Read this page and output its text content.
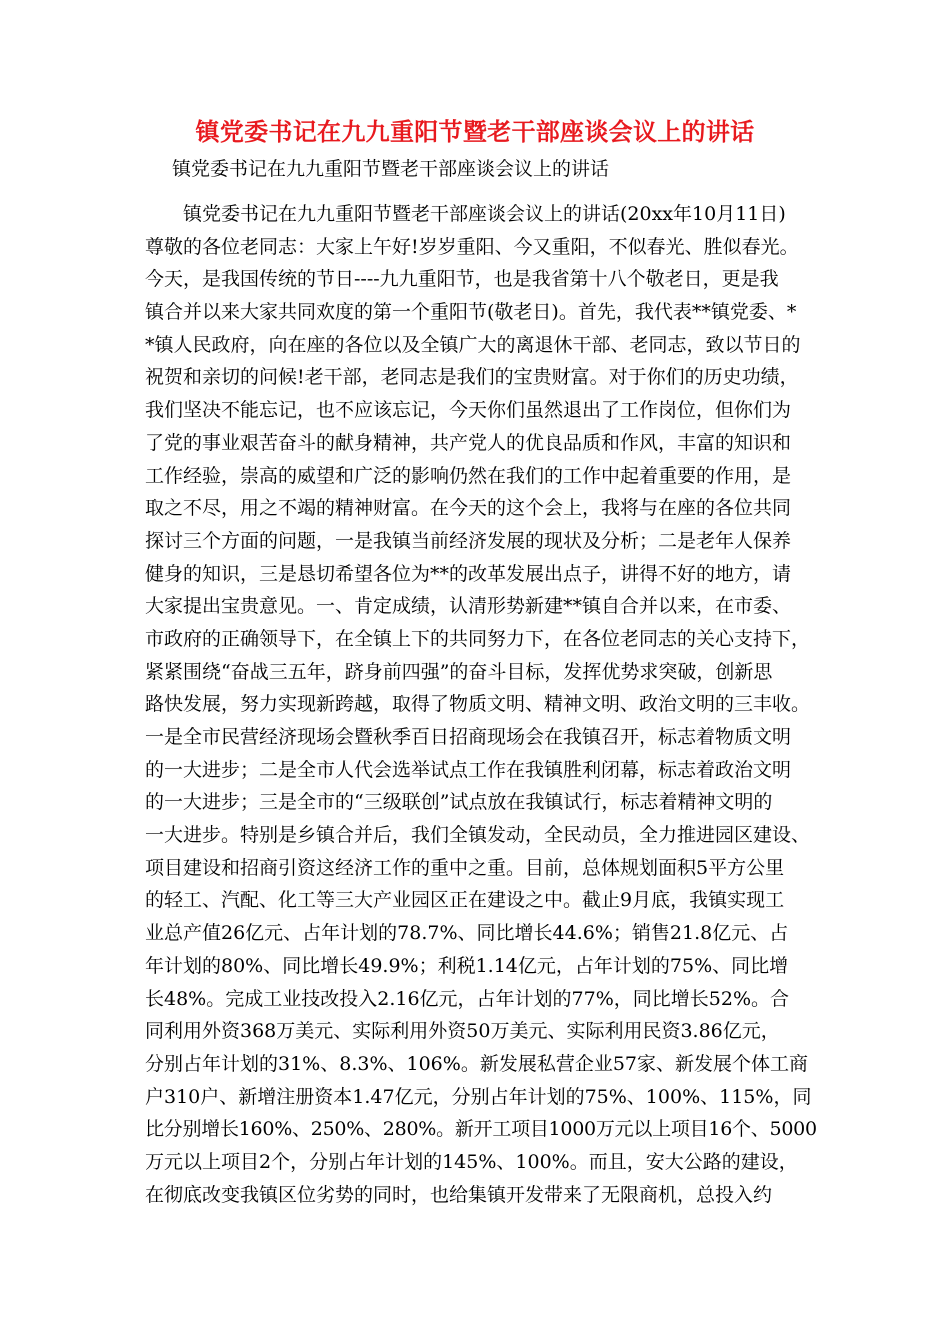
镇党委书记在九九重阳节暨老干部座谈会议上的讲话
镇党委书记在九九重阳节暨老干部座谈会议上的讲话
　　镇党委书记在九九重阳节暨老干部座谈会议上的讲话(20xx年10月11日)
尊敬的各位老同志：大家上午好!岁岁重阳、今又重阳，不似春光、胜似春光。
今天，是我国传统的节日----九九重阳节，也是我省第十八个敬老日，更是我
镇合并以来大家共同欢度的第一个重阳节(敬老日)。首先，我代表**镇党委、*
*镇人民政府，向在座的各位以及全镇广大的离退休干部、老同志，致以节日的
祝贺和亲切的问候!老干部，老同志是我们的宝贵财富。对于你们的历史功绩，
我们坚决不能忘记，也不应该忘记，今天你们虽然退出了工作岗位，但你们为
了党的事业艰苦奋斗的献身精神，共产党人的优良品质和作风，丰富的知识和
工作经验，崇高的威望和广泛的影响仍然在我们的工作中起着重要的作用，是
取之不尽，用之不竭的精神财富。在今天的这个会上，我将与在座的各位共同
探讨三个方面的问题，一是我镇当前经济发展的现状及分析；二是老年人保养
健身的知识，三是恳切希望各位为**的改革发展出点子，讲得不好的地方，请
大家提出宝贵意见。一、肯定成绩，认清形势新建**镇自合并以来，在市委、
市政府的正确领导下，在全镇上下的共同努力下，在各位老同志的关心支持下，
紧紧围绕“奋战三五年，跻身前四强”的奋斗目标，发挥优势求突破，创新思
路快发展，努力实现新跨越，取得了物质文明、精神文明、政治文明的三丰收。
一是全市民营经济现场会暨秋季百日招商现场会在我镇召开，标志着物质文明
的一大进步；二是全市人代会选举试点工作在我镇胜利闭幕，标志着政治文明
的一大进步；三是全市的“三级联创”试点放在我镇试行，标志着精神文明的
一大进步。特别是乡镇合并后，我们全镇发动，全民动员，全力推进园区建设、
项目建设和招商引资这经济工作的重中之重。目前，总体规划面积5平方公里
的轻工、汽配、化工等三大产业园区正在建设之中。截止9月底，我镇实现工
业总产值26亿元、占年计划的78.7%、同比增长44.6%；销售21.8亿元、占
年计划的80%、同比增长49.9%；利税1.14亿元，占年计划的75%、同比增
长48%。完成工业技改投入2.16亿元，占年计划的77%，同比增长52%。合
同利用外资368万美元、实际利用外资50万美元、实际利用民资3.86亿元，
分别占年计划的31%、8.3%、106%。新发展私营企业57家、新发展个体工商
户310户、新增注册资本1.47亿元，分别占年计划的75%、100%、115%，同
比分别增长160%、250%、280%。新开工项目1000万元以上项目16个、5000
万元以上项目2个，分别占年计划的145%、100%。而且，安大公路的建设，
在彻底改变我镇区位劣势的同时，也给集镇开发带来了无限商机，总投入约
